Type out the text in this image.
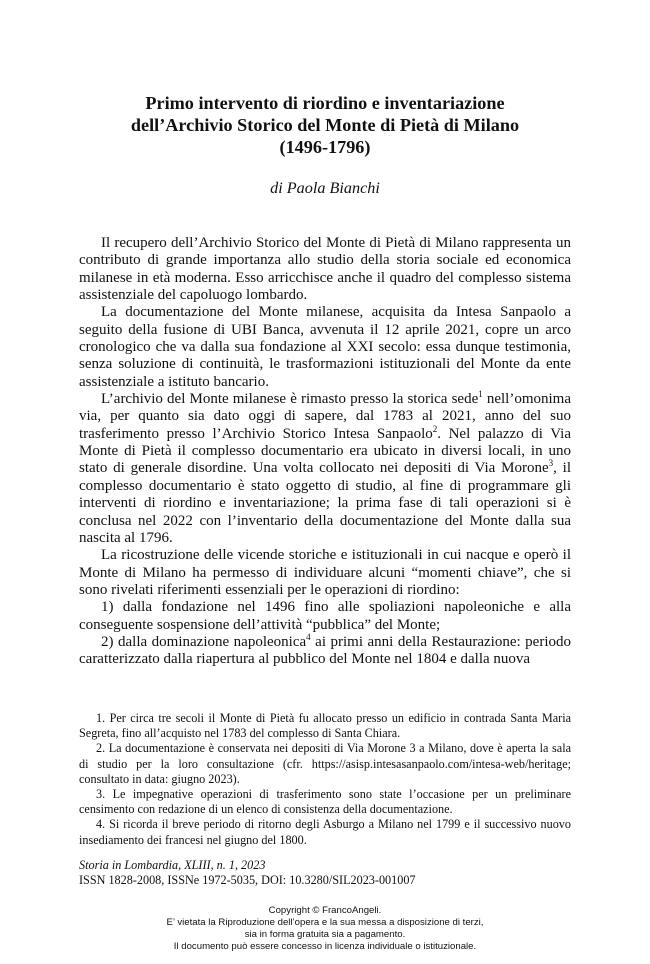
Primo intervento di riordino e inventariazione
dell’Archivio Storico del Monte di Pietà di Milano
(1496-1796)
di Paola Bianchi

Il recupero dell’Archivio Storico del Monte di Pietà di Milano rappresenta un contributo di grande importanza allo studio della storia sociale ed economica milanese in età moderna. Esso arricchisce anche il quadro del complesso sistema assistenziale del capoluogo lombardo.

La documentazione del Monte milanese, acquisita da Intesa Sanpaolo a seguito della fusione di UBI Banca, avvenuta il 12 aprile 2021, copre un arco cronologico che va dalla sua fondazione al XXI secolo: essa dunque testimonia, senza soluzione di continuità, le trasformazioni istituzionali del Monte da ente assistenziale a istituto bancario.

L’archivio del Monte milanese è rimasto presso la storica sede$^1$ nell’omonima via, per quanto sia dato oggi di sapere, dal 1783 al 2021, anno del suo trasferimento presso l’Archivio Storico Intesa Sanpaolo$^2$. Nel palazzo di Via Monte di Pietà il complesso documentario era ubicato in diversi locali, in uno stato di generale disordine. Una volta collocato nei depositi di Via Morone$^3$, il complesso documentario è stato oggetto di studio, al fine di programmare gli interventi di riordino e inventariazione; la prima fase di tali operazioni si è conclusa nel 2022 con l’inventario della documentazione del Monte dalla sua nascita al 1796.

La ricostruzione delle vicende storiche e istituzionali in cui nacque e operò il Monte di Milano ha permesso di individuare alcuni “momenti chiave”, che si sono rivelati riferimenti essenziali per le operazioni di riordino:

1) dalla fondazione nel 1496 fino alle spoliazioni napoleoniche e alla conseguente sospensione dell’attività “pubblica” del Monte;

2) dalla dominazione napoleonica$^4$ ai primi anni della Restaurazione: periodo caratterizzato dalla riapertura al pubblico del Monte nel 1804 e dalla nuova

1. Per circa tre secoli il Monte di Pietà fu allocato presso un edificio in contrada Santa Maria Segreta, fino all’acquisto nel 1783 del complesso di Santa Chiara.

2. La documentazione è conservata nei depositi di Via Morone 3 a Milano, dove è aperta la sala di studio per la loro consultazione (cfr. https://asisp.intesasanpaolo.com/intesa-web/heritage; consultato in data: giugno 2023).

3. Le impegnative operazioni di trasferimento sono state l’occasione per un preliminare censimento con redazione di un elenco di consistenza della documentazione.

4. Si ricorda il breve periodo di ritorno degli Asburgo a Milano nel 1799 e il successivo nuovo insediamento dei francesi nel giugno del 1800.

Storia in Lombardia, XLIII, n. 1, 2023
ISSN 1828-2008, ISSNe 1972-5035, DOI: 10.3280/SIL2023-001007
Copyright © FrancoAngeli.
E’ vietata la Riproduzione dell’opera e la sua messa a disposizione di terzi,
sia in forma gratuita sia a pagamento.
Il documento può essere concesso in licenza individuale o istituzionale.
